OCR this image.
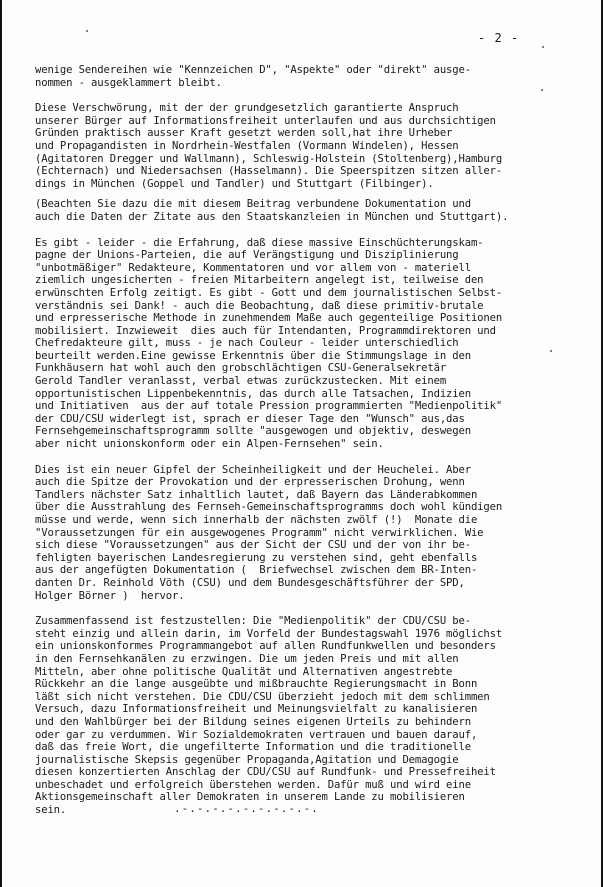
- 2 -
wenige Sendereihen wie "Kennzeichen D", "Aspekte" oder "direkt" ausge-
nommen - ausgeklammert bleibt.
Diese Verschwörung, mit der der grundgesetzlich garantierte Anspruch
unserer Bürger auf Informationsfreiheit unterlaufen und aus durchsichtigen
Gründen praktisch ausser Kraft gesetzt werden soll,hat ihre Urheber
und Propagandisten in Nordrhein-Westfalen (Vormann Windelen), Hessen
(Agitatoren Dregger und Wallmann), Schleswig-Holstein (Stoltenberg),Hamburg
(Echternach) und Niedersachsen (Hasselmann). Die Speerspitzen sitzen aller-
dings in München (Goppel und Tandler) und Stuttgart (Filbinger).
(Beachten Sie dazu die mit diesem Beitrag verbundene Dokumentation und
auch die Daten der Zitate aus den Staatskanzleien in München und Stuttgart).
Es gibt - leider - die Erfahrung, daß diese massive Einschüchterungskam-
pagne der Unions-Parteien, die auf Verängstigung und Disziplinierung
"unbotmäßiger" Redakteure, Kommentatoren und vor allem von - materiell
ziemlich ungesicherten - freien Mitarbeitern angelegt ist, teilweise den
erwünschten Erfolg zeitigt. Es gibt - Gott und dem journalistischen Selbst-
verständnis sei Dank! - auch die Beobachtung, daß diese primitiv-brutale
und erpresserische Methode in zunehmendem Maße auch gegenteilige Positionen
mobilisiert. Inzwieweit  dies auch für Intendanten, Programmdirektoren und
Chefredakteure gilt, muss - je nach Couleur - leider unterschiedlich
beurteilt werden.Eine gewisse Erkenntnis über die Stimmungslage in den
Funkhäusern hat wohl auch den grobschlächtigen CSU-Generalsekretär
Gerold Tandler veranlasst, verbal etwas zurückzustecken. Mit einem
opportunistischen Lippenbekenntnis, das durch alle Tatsachen, Indizien
und Initiativen  aus der auf totale Pression programmierten "Medienpolitik"
der CDU/CSU widerlegt ist, sprach er dieser Tage den "Wunsch" aus,das
Fernsehgemeinschaftsprogramm sollte "ausgewogen und objektiv, deswegen
aber nicht unionskonform oder ein Alpen-Fernsehen" sein.
Dies ist ein neuer Gipfel der Scheinheiligkeit und der Heuchelei. Aber
auch die Spitze der Provokation und der erpresserischen Drohung, wenn
Tandlers nächster Satz inhaltlich lautet, daß Bayern das Länderabkommen
über die Ausstrahlung des Fernseh-Gemeinschaftsprogramms doch wohl kündigen
müsse und werde, wenn sich innerhalb der nächsten zwölf (!)  Monate die
"Voraussetzungen für ein ausgewogenes Programm" nicht verwirklichen. Wie
sich diese "Voraussetzungen" aus der Sicht der CSU und der von ihr be-
fehligten bayerischen Landesregierung zu verstehen sind, geht ebenfalls
aus der angefügten Dokumentation (  Briefwechsel zwischen dem BR-Inten-
danten Dr. Reinhold Vöth (CSU) und dem Bundesgeschäftsführer der SPD,
Holger Börner )  hervor.
Zusammenfassend ist festzustellen: Die "Medienpolitik" der CDU/CSU be-
steht einzig und allein darin, im Vorfeld der Bundestagswahl 1976 möglichst
ein unionskonformes Programmangebot auf allen Rundfunkwellen und besonders
in den Fernsehkanälen zu erzwingen. Die um jeden Preis und mit allen
Mitteln, aber ohne politische Qualität und Alternativen angestrebte
Rückkehr an die lange ausgeübte und mißbrauchte Regierungsmacht in Bonn
läßt sich nicht verstehen. Die CDU/CSU überzieht jedoch mit dem schlimmen
Versuch, dazu Informationsfreiheit und Meinungsvielfalt zu kanalisieren
und den Wahlbürger bei der Bildung seines eigenen Urteils zu behindern
oder gar zu verdummen. Wir Sozialdemokraten vertrauen und bauen darauf,
daß das freie Wort, die ungefilterte Information und die traditionelle
journalistische Skepsis gegenüber Propaganda,Agitation und Demagogie
diesen konzertierten Anschlag der CDU/CSU auf Rundfunk- und Pressefreiheit
unbeschadet und erfolgreich überstehen werden. Dafür muß und wird eine
Aktionsgemeinschaft aller Demokraten in unserem Lande zu mobilisieren
sein.	.-.-.-.-.-.-.-.-.-.
